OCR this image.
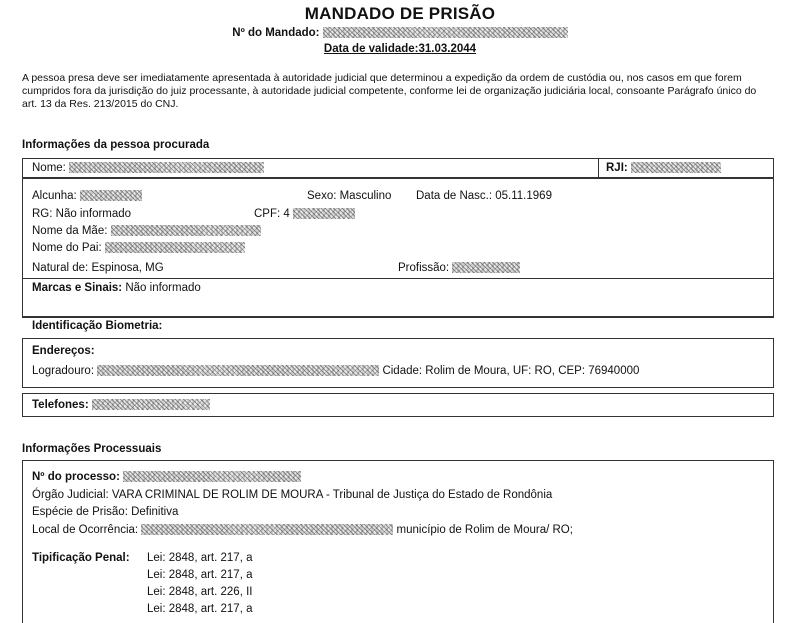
MANDADO DE PRISÃO
Nº do Mandado:
Data de validade:31.03.2044
A pessoa presa deve ser imediatamente apresentada à autoridade judicial que determinou a expedição da ordem de custódia ou, nos casos em que forem cumpridos fora da jurisdição do juiz processante, à autoridade judicial competente, conforme lei de organização judiciária local, consoante Parágrafo único do art. 13 da Res. 213/2015 do CNJ.
Informações da pessoa procurada
Nome:	RJI:
Alcunha:	Sexo: Masculino Data de Nasc.: 05.11.1969
RG: Não informado	CPF: 4
Nome da Mãe:
Nome do Pai:
Natural de: Espinosa, MG	Profissão:
Marcas e Sinais: Não informado
Identificação Biometria:
Endereços:
Logradouro:	Cidade: Rolim de Moura, UF: RO, CEP: 76940000
Telefones:
Informações Processuais
Nº do processo:
Órgão Judicial: VARA CRIMINAL DE ROLIM DE MOURA - Tribunal de Justiça do Estado de Rondônia
Espécie de Prisão: Definitiva
Local de Ocorrência:	município de Rolim de Moura/ RO;
Tipificação Penal: Lei: 2848, art. 217, a
Lei: 2848, art. 217, a
Lei: 2848, art. 226, II
Lei: 2848, art. 217, a
